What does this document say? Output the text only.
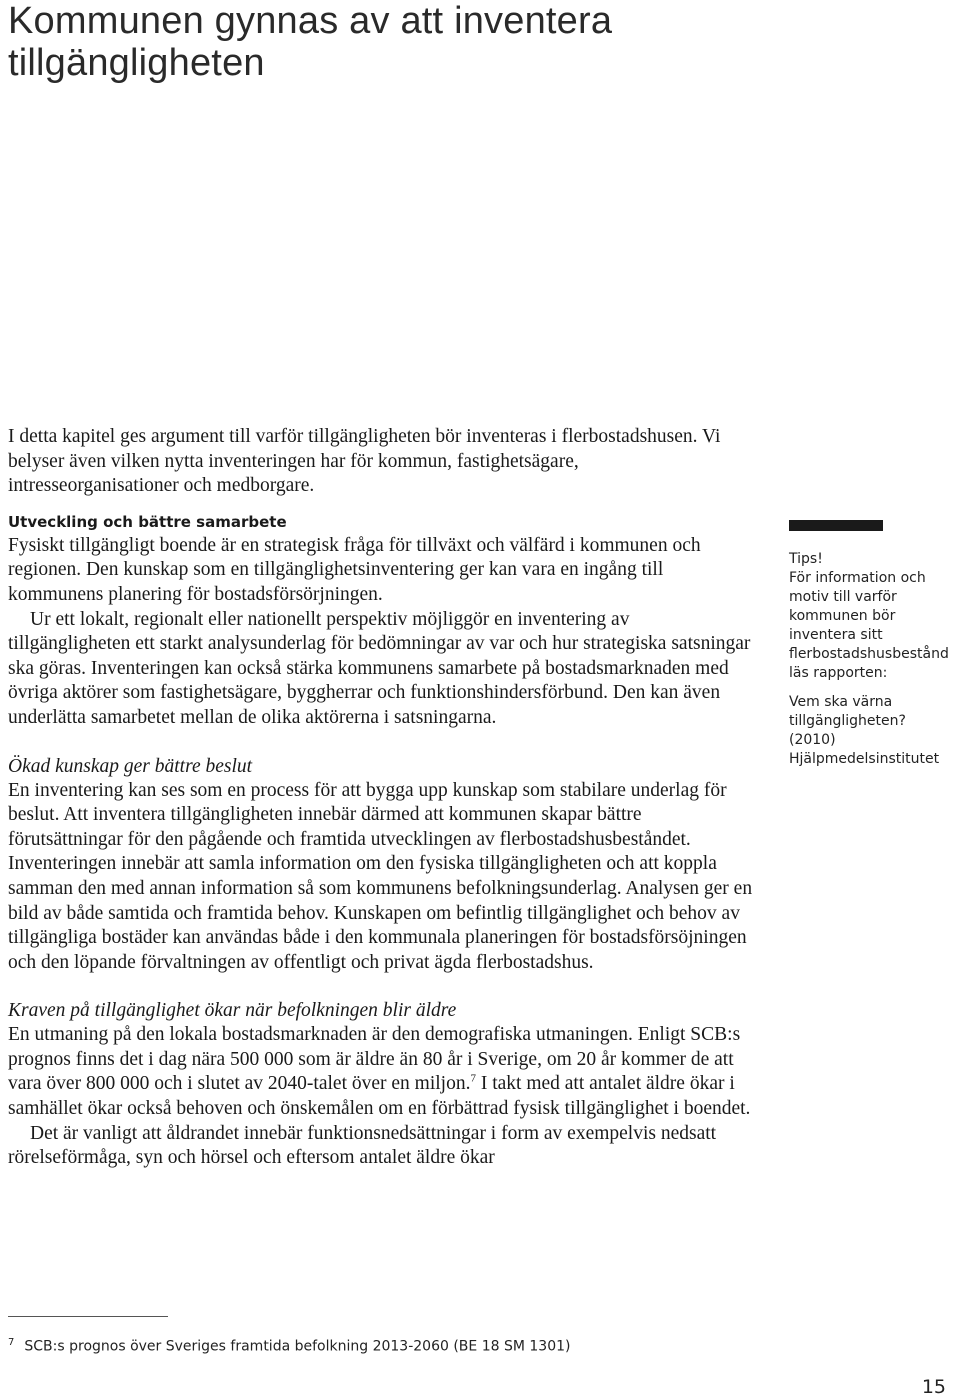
Kommunen gynnas av att inventera tillgängligheten

I detta kapitel ges argument till varför tillgängligheten bör inventeras i flerbostadshusen. Vi belyser även vilken nytta inventeringen har för kommun, fastighetsägare, intresseorganisationer och medborgare.

Utveckling och bättre samarbete

Fysiskt tillgängligt boende är en strategisk fråga för tillväxt och välfärd i kommunen och regionen. Den kunskap som en tillgänglighetsinventering ger kan vara en ingång till kommunens planering för bostadsförsörjningen.

Ur ett lokalt, regionalt eller nationellt perspektiv möjliggör en inventering av tillgängligheten ett starkt analysunderlag för bedömningar av var och hur strategiska satsningar ska göras. Inventeringen kan också stärka kommunens samarbete på bostadsmarknaden med övriga aktörer som fastighetsägare, byggherrar och funktionshindersförbund. Den kan även underlätta samarbetet mellan de olika aktörerna i satsningarna.

Ökad kunskap ger bättre beslut

En inventering kan ses som en process för att bygga upp kunskap som stabilare underlag för beslut. Att inventera tillgängligheten innebär därmed att kommunen skapar bättre förutsättningar för den pågående och framtida utvecklingen av flerbostadshusbeståndet. Inventeringen innebär att samla information om den fysiska tillgängligheten och att koppla samman den med annan information så som kommunens befolkningsunderlag. Analysen ger en bild av både samtida och framtida behov. Kunskapen om befintlig tillgänglighet och behov av tillgängliga bostäder kan användas både i den kommunala planeringen för bostadsförsöjningen och den löpande förvaltningen av offentligt och privat ägda flerbostadshus.

Kraven på tillgänglighet ökar när befolkningen blir äldre

En utmaning på den lokala bostadsmarknaden är den demografiska utmaningen. Enligt SCB:s prognos finns det i dag nära 500 000 som är äldre än 80 år i Sverige, om 20 år kommer de att vara över 800 000 och i slutet av 2040-talet över en miljon.$^7$ I takt med att antalet äldre ökar i samhället ökar också behoven och önskemålen om en förbättrad fysisk tillgänglighet i boendet.

Det är vanligt att åldrandet innebär funktionsnedsättningar i form av exempelvis nedsatt rörelseförmåga, syn och hörsel och eftersom antalet äldre ökar

Tips!

För information och motiv till varför kommunen bör inventera sitt flerbostadshusbestånd läs rapporten:

Vem ska värna tillgängligheten?

(2010) Hjälpmedelsinstitutet

$^7$ SCB:s prognos över Sveriges framtida befolkning 2013-2060 (BE 18 SM 1301)
15
